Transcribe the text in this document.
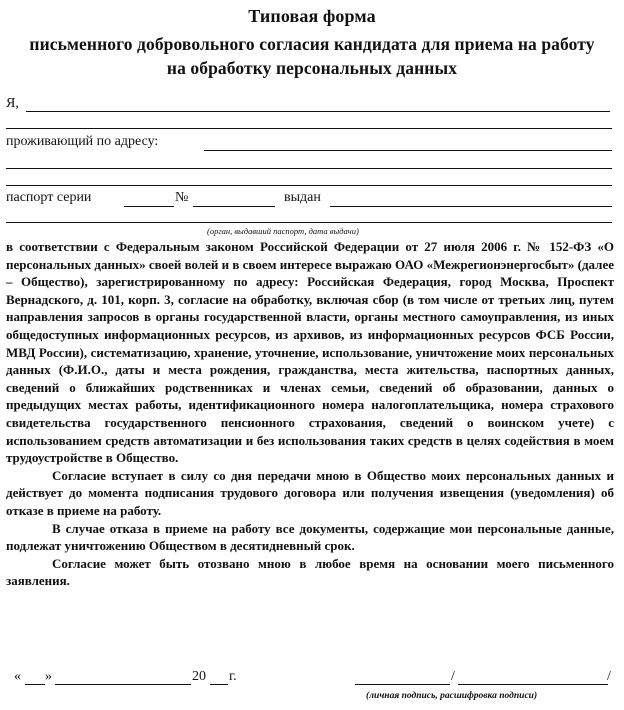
Типовая форма
письменного добровольного согласия кандидата для приема на работу
на обработку персональных данных
Я,
проживающий по адресу:
паспорт серии	№	выдан
(орган, выдавший паспорт, дата выдачи)

в соответствии с Федеральным законом Российской Федерации от 27 июля 2006 г. № 152-ФЗ «О персональных данных» своей волей и в своем интересе выражаю ОАО «Межрегионэнергосбыт» (далее – Общество), зарегистрированному по адресу: Российская Федерация, город Москва, Проспект Вернадского, д. 101, корп. 3, согласие на обработку, включая сбор (в том числе от третьих лиц, путем направления запросов в органы государственной власти, органы местного самоуправления, из иных общедоступных информационных ресурсов, из архивов, из информационных ресурсов ФСБ России, МВД России), систематизацию, хранение, уточнение, использование, уничтожение моих персональных данных (Ф.И.О., даты и места рождения, гражданства, места жительства, паспортных данных, сведений о ближайших родственниках и членах семьи, сведений об образовании, данных о предыдущих местах работы, идентификационного номера налогоплательщика, номера страхового свидетельства государственного пенсионного страхования, сведений о воинском учете) с использованием средств автоматизации и без использования таких средств в целях содействия в моем трудоустройстве в Общество.

Согласие вступает в силу со дня передачи мною в Общество моих персональных данных и действует до момента подписания трудового договора или получения извещения (уведомления) об отказе в приеме на работу.

В случае отказа в приеме на работу все документы, содержащие мои персональные данные, подлежат уничтожению Обществом в десятидневный срок.

Согласие может быть отозвано мною в любое время на основании моего письменного заявления.

« »	20 г.	/	/
(личная подпись, расшифровка подписи)
